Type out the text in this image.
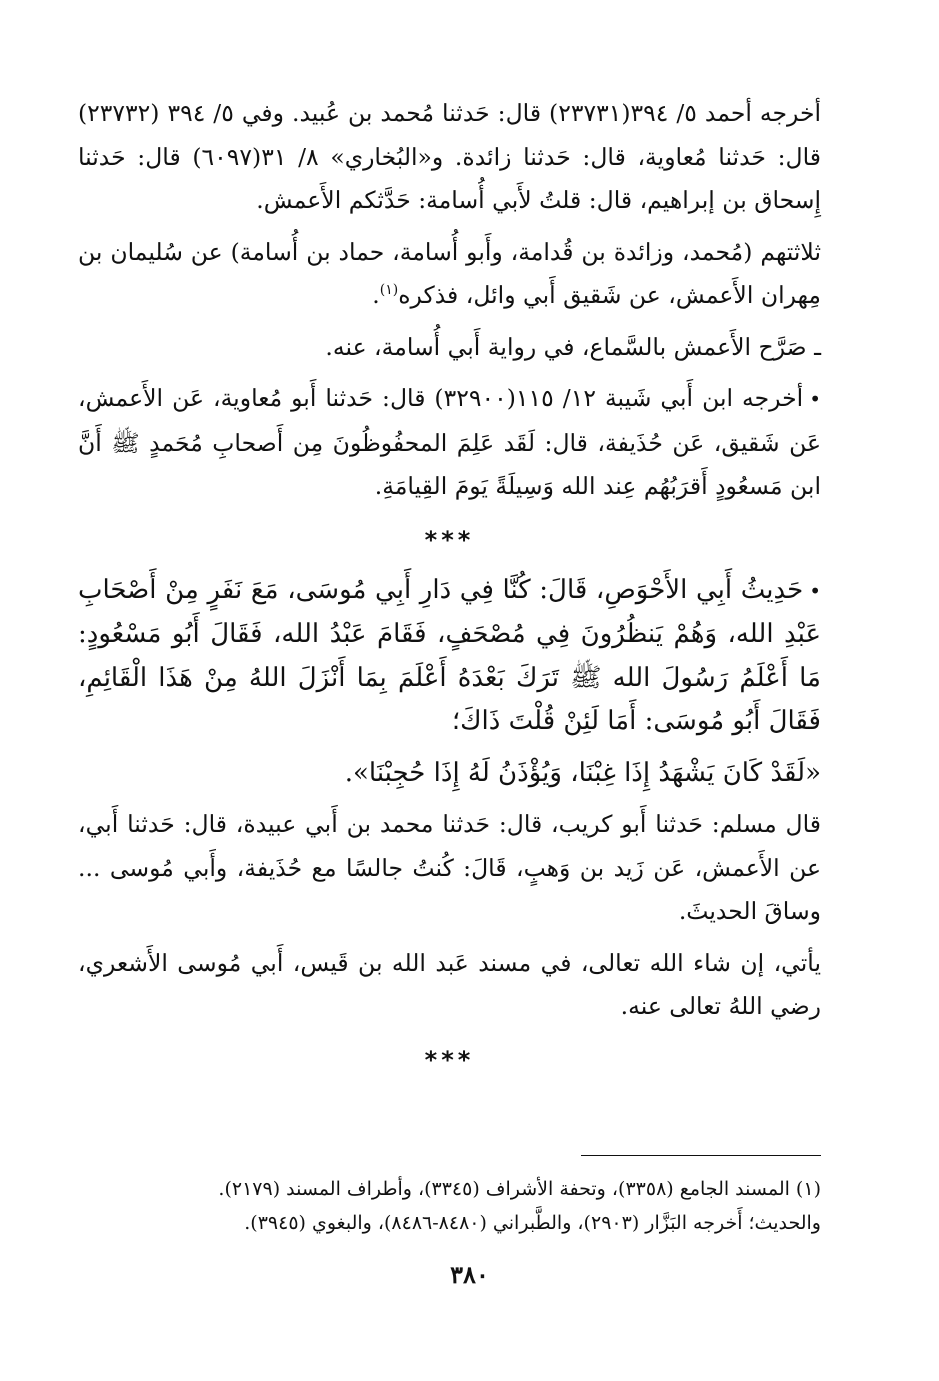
أخرجه أحمد ٥/ ٣٩٤(٢٣٧٣١) قال: حَدثنا مُحمد بن عُبيد. وفي ٥/ ٣٩٤ (٢٣٧٣٢) قال: حَدثنا مُعاوية، قال: حَدثنا زائدة. و«البُخاري» ٨/ ٣١(٦٠٩٧) قال: حَدثنا إِسحاق بن إبراهيم، قال: قلتُ لأَبي أُسامة: حَدَّثكم الأَعمش.

ثلاثتهم (مُحمد، وزائدة بن قُدامة، وأَبو أُسامة، حماد بن أُسامة) عن سُليمان بن مِهران الأَعمش، عن شَقيق أَبي وائل، فذكره$^{(١)}$.

ـ صَرَّح الأَعمش بالسَّماع، في رواية أَبي أُسامة، عنه.

•أخرجه ابن أَبي شَيبة ١٢/ ١١٥(٣٢٩٠٠) قال: حَدثنا أَبو مُعاوية، عَن الأَعمش، عَن شَقيق، عَن حُذَيفة، قال: لَقَد عَلِمَ المحفُوظُونَ مِن أَصحابِ مُحَمدٍ ﷺ أَنَّ ابن مَسعُودٍ أَقرَبُهُم عِند الله وَسِيلَةً يَومَ القِيامَةِ.

***

•حَدِيثُ أَبِي الأَحْوَصِ، قَالَ: كُنَّا فِي دَارِ أَبِي مُوسَى، مَعَ نَفَرٍ مِنْ أَصْحَابِ عَبْدِ الله، وَهُمْ يَنظُرُونَ فِي مُصْحَفٍ، فَقَامَ عَبْدُ الله، فَقَالَ أَبُو مَسْعُودٍ: مَا أَعْلَمُ رَسُولَ الله ﷺ تَرَكَ بَعْدَهُ أَعْلَمَ بِمَا أَنْزَلَ اللهُ مِنْ هَذَا الْقَائِمِ، فَقَالَ أَبُو مُوسَى: أَمَا لَئِنْ قُلْتَ ذَاكَ؛

«لَقَدْ كَانَ يَشْهَدُ إِذَا غِبْنَا، وَيُؤْذَنُ لَهُ إِذَا حُجِبْنَا».

قال مسلم: حَدثنا أَبو كريب، قال: حَدثنا محمد بن أَبي عبيدة، قال: حَدثنا أَبي، عن الأَعمش، عَن زَيد بن وَهبٍ، قَالَ: كُنتُ جالسًا مع حُذَيفة، وأَبي مُوسى ... وساقَ الحديثَ.

يأتي، إن شاء الله تعالى، في مسند عَبد الله بن قَيس، أَبي مُوسى الأَشعري، رضي اللهُ تعالى عنه.

***

(١) المسند الجامع (٣٣٥٨)، وتحفة الأشراف (٣٣٤٥)، وأطراف المسند (٢١٧٩).

والحديث؛ أَخرجه البَزَّار (٢٩٠٣)، والطَّبراني (٨٤٨٠-٨٤٨٦)، والبغوي (٣٩٤٥).

٣٨٠
